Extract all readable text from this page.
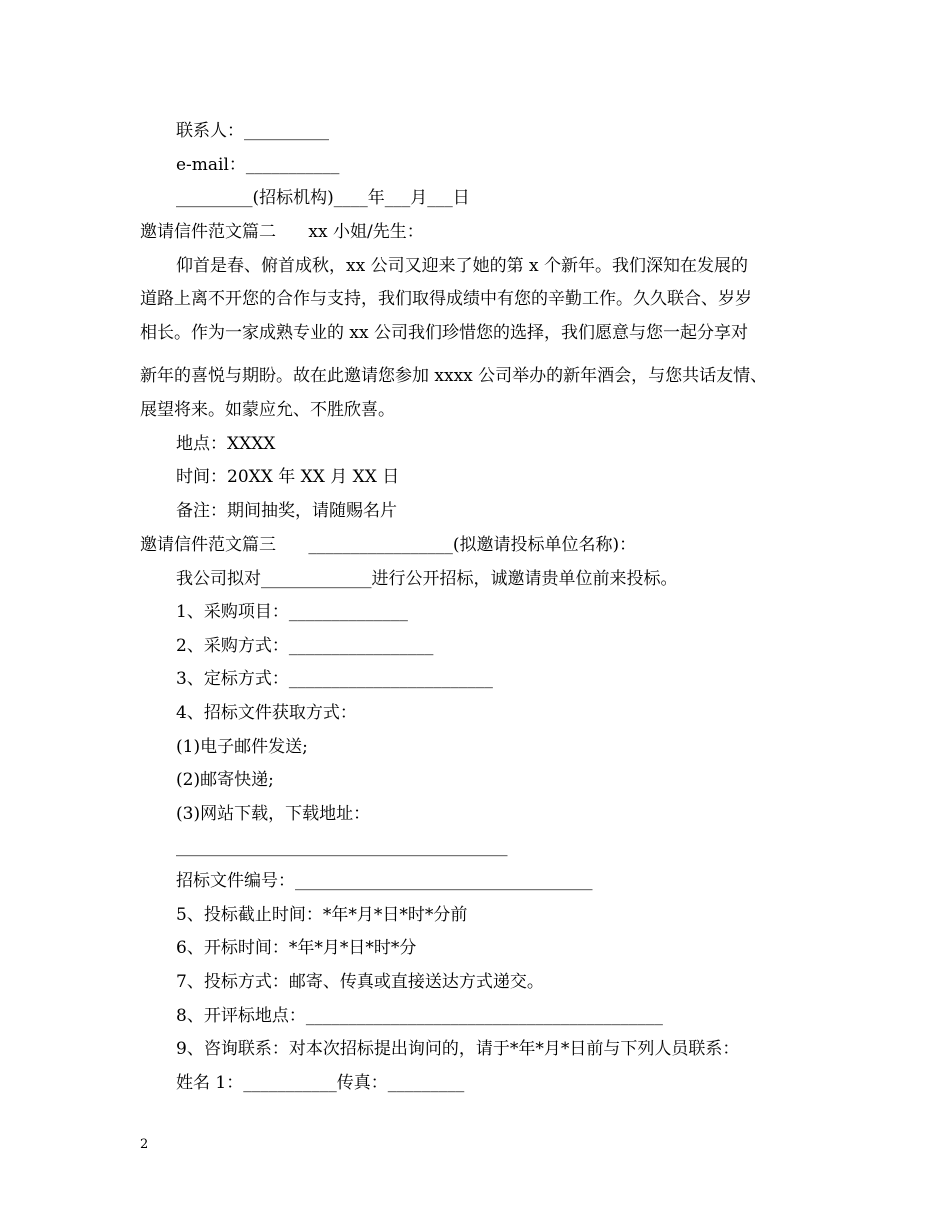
联系人：__________
e-mail：___________
_________(招标机构)____年___月___日
邀请信件范文篇二      xx 小姐/先生：
仰首是春、俯首成秋，xx 公司又迎来了她的第 x 个新年。我们深知在发展的
道路上离不开您的合作与支持，我们取得成绩中有您的辛勤工作。久久联合、岁岁
相长。作为一家成熟专业的 xx 公司我们珍惜您的选择，我们愿意与您一起分享对
新年的喜悦与期盼。故在此邀请您参加 xxxx 公司举办的新年酒会，与您共话友情、
展望将来。如蒙应允、不胜欣喜。
地点：XXXX
时间：20XX 年 XX 月 XX 日
备注：期间抽奖，请随赐名片
邀请信件范文篇三      _________________(拟邀请投标单位名称)：
我公司拟对_____________进行公开招标，诚邀请贵单位前来投标。
1、采购项目：______________
2、采购方式：_________________
3、定标方式：________________________
4、招标文件获取方式：
(1)电子邮件发送;
(2)邮寄快递;
(3)网站下载，下载地址：
_______________________________________
招标文件编号：___________________________________
5、投标截止时间：*年*月*日*时*分前
6、开标时间：*年*月*日*时*分
7、投标方式：邮寄、传真或直接送达方式递交。
8、开评标地点：__________________________________________
9、咨询联系：对本次招标提出询问的，请于*年*月*日前与下列人员联系：
姓名 1：___________传真：_________
2
